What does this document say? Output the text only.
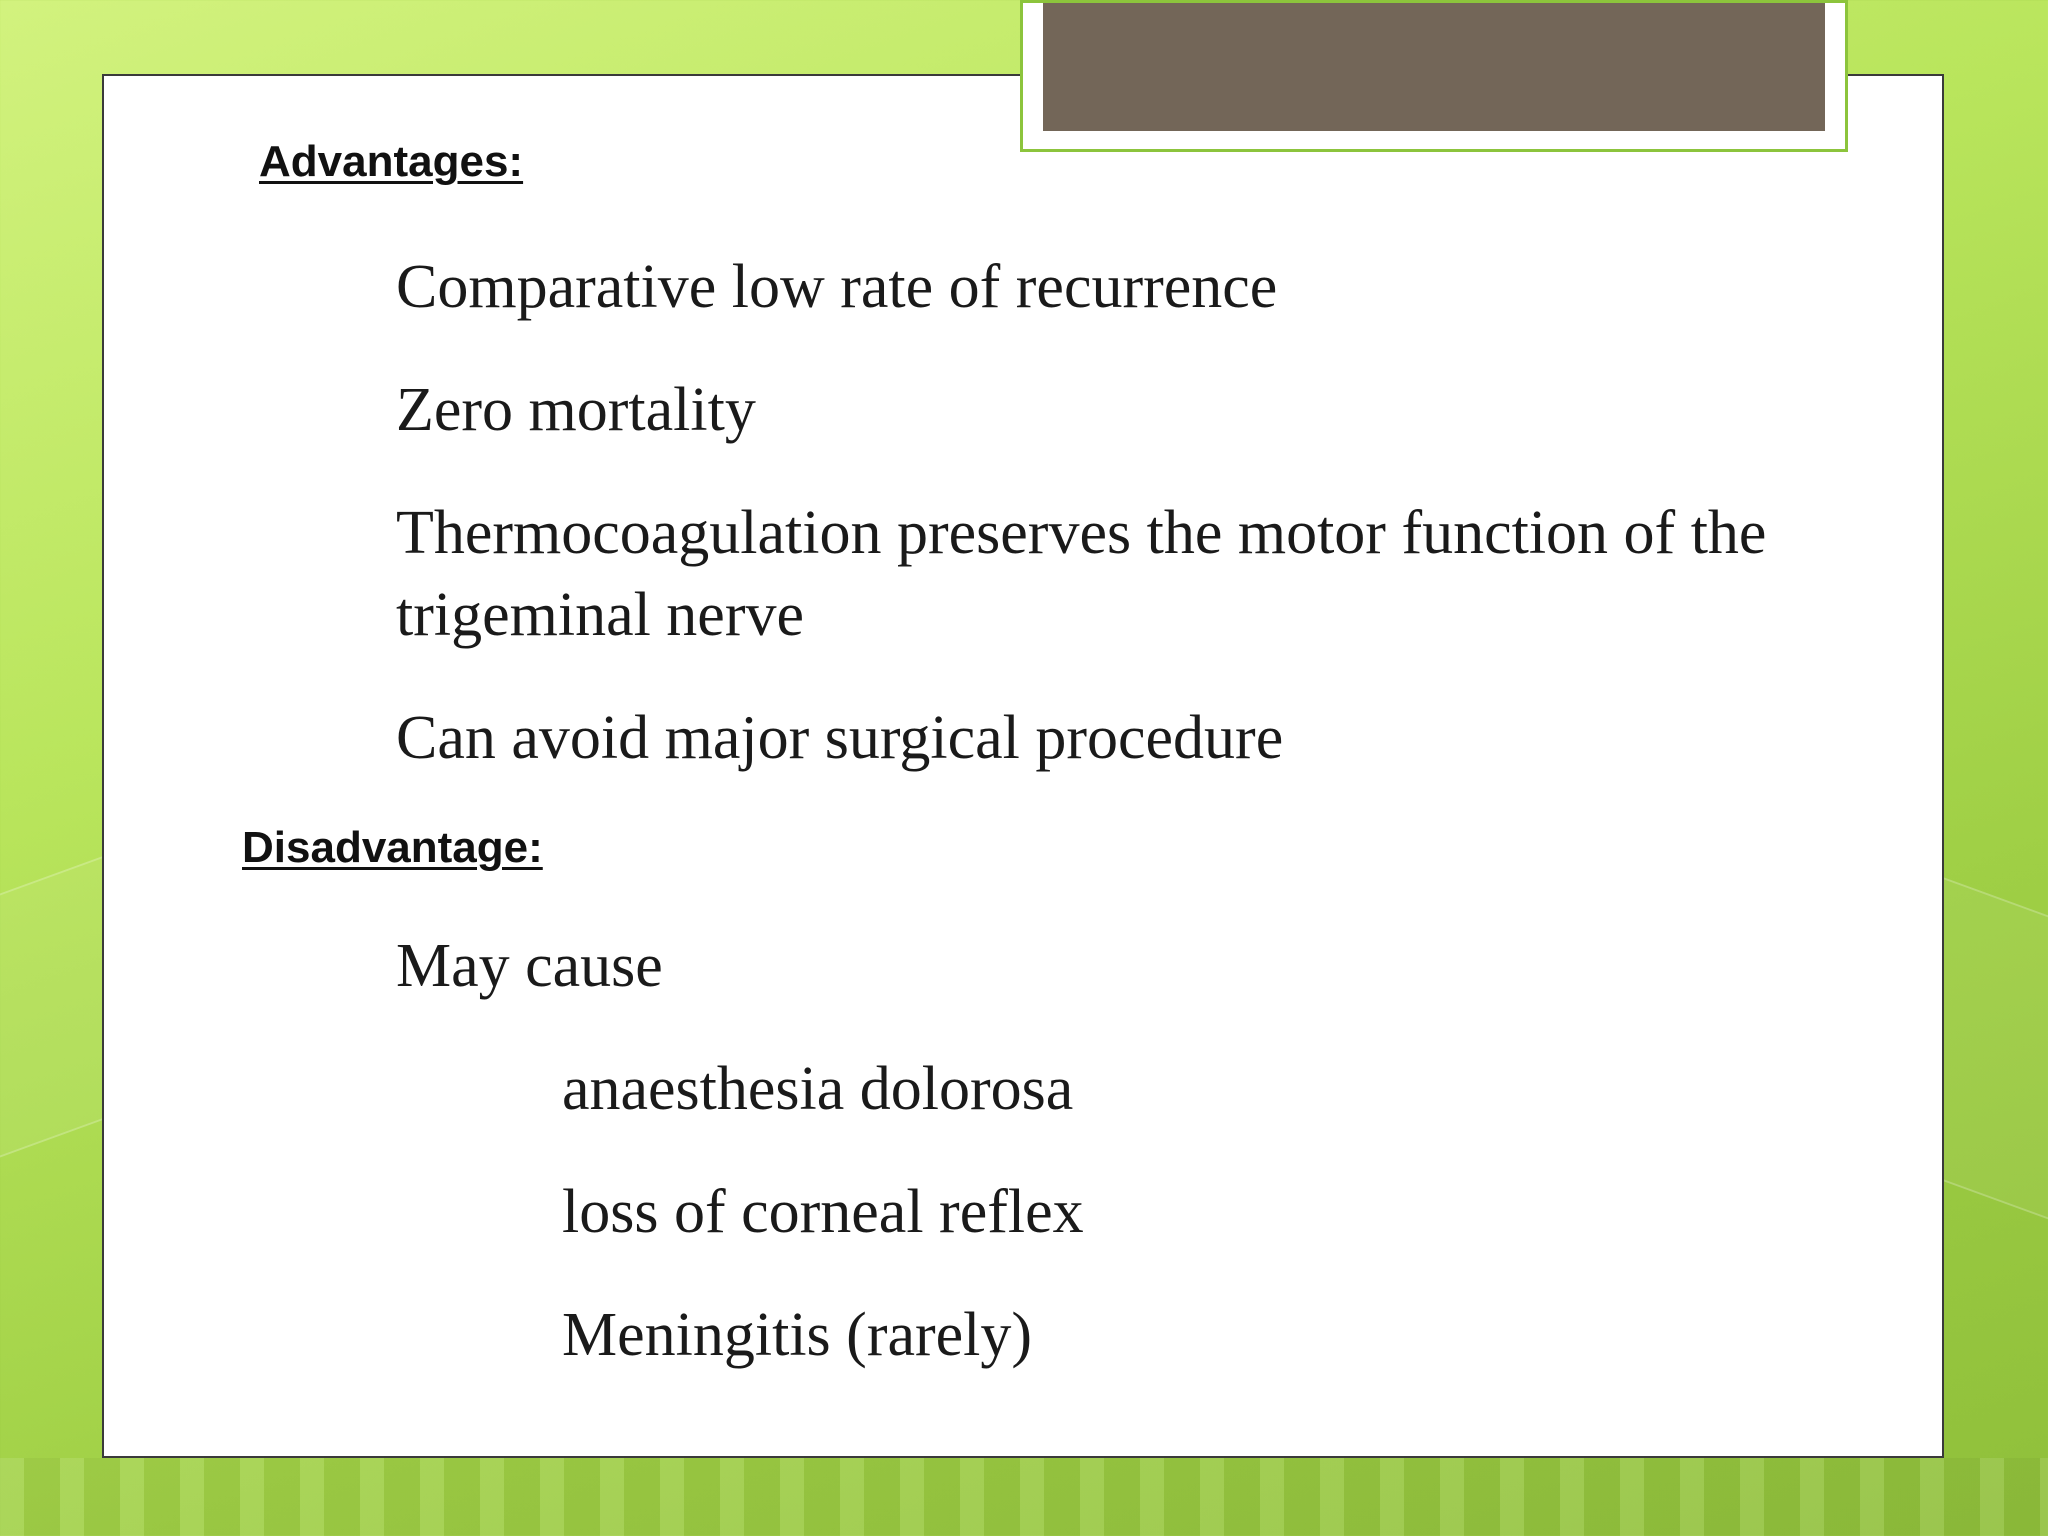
Advantages:
Comparative low rate of recurrence
Zero mortality
Thermocoagulation preserves the motor function of the trigeminal nerve
Can avoid major surgical procedure
Disadvantage:
May cause
anaesthesia dolorosa
loss of corneal reflex
Meningitis (rarely)
